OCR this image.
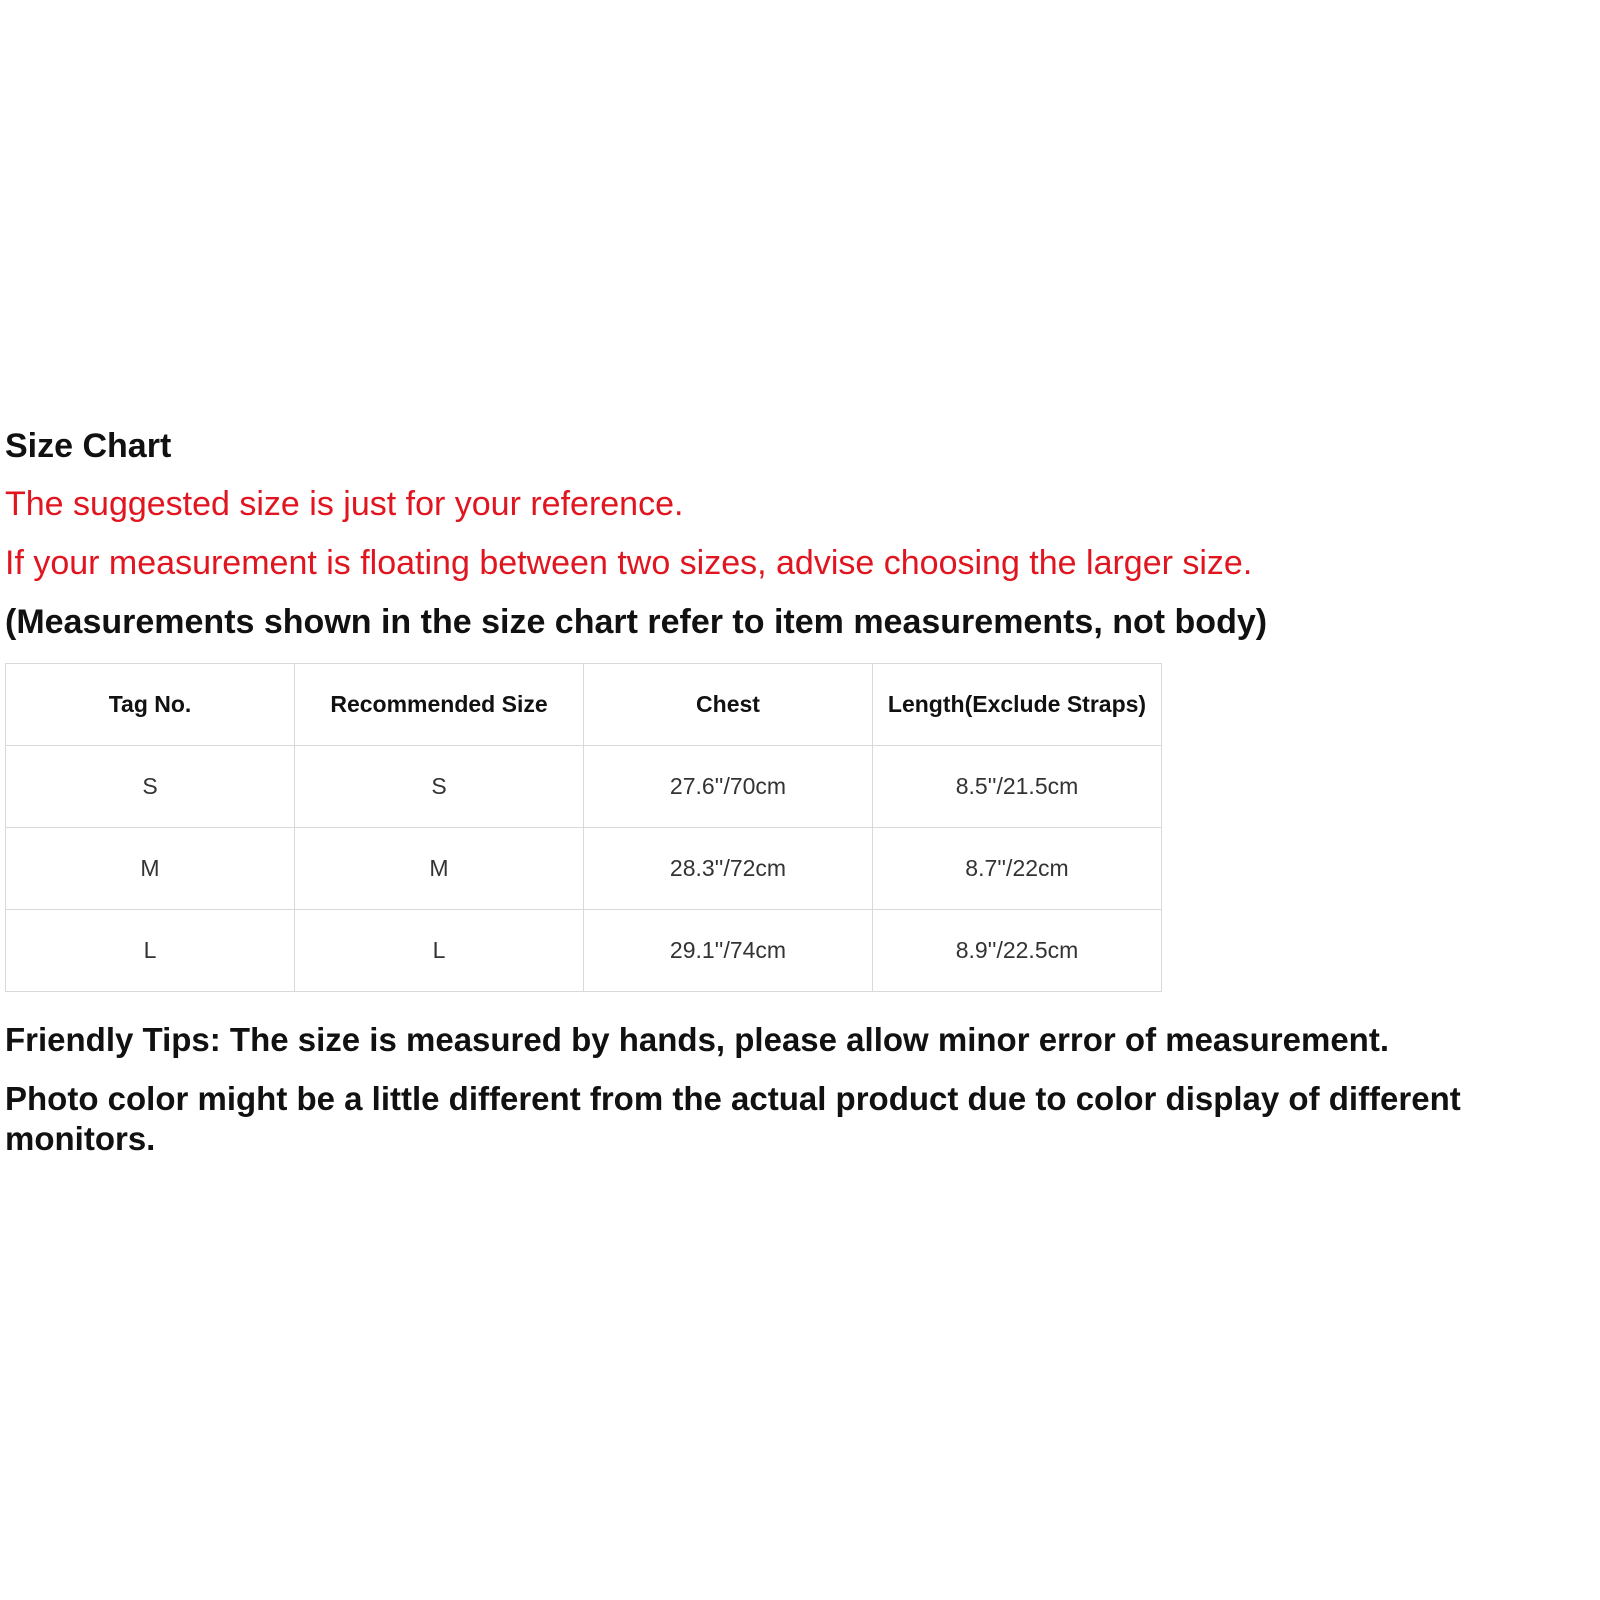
Size Chart

The suggested size is just for your reference.

If your measurement is floating between two sizes, advise choosing the larger size.

(Measurements shown in the size chart refer to item measurements, not body)

Tag No.	Recommended Size	Chest	Length(Exclude Straps)
S	S	27.6''/70cm	8.5''/21.5cm
M	M	28.3''/72cm	8.7''/22cm
L	L	29.1''/74cm	8.9''/22.5cm

Friendly Tips: The size is measured by hands, please allow minor error of measurement.

Photo color might be a little different from the actual product due to color display of different monitors.
